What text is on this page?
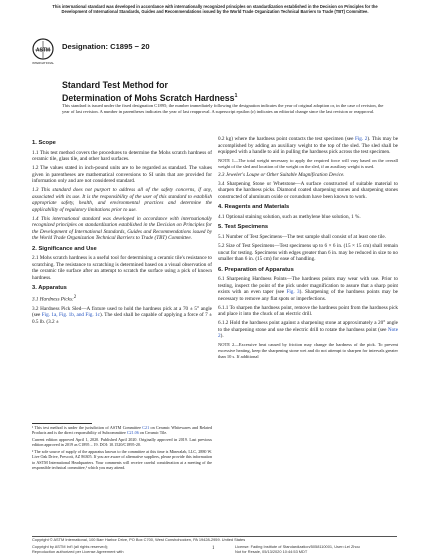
This international standard was developed in accordance with internationally recognized principles on standardization established in the Decision on Principles for the Development of International Standards, Guides and Recommendations issued by the World Trade Organization Technical Barriers to Trade (TBT) Committee.
ASTM
INTERNATIONAL
Designation: C1895 − 20
Standard Test Method for
Determination of Mohs Scratch Hardness$^1$
This standard is issued under the fixed designation C1895; the number immediately following the designation indicates the year of original adoption or, in the case of revision, the year of last revision. A number in parentheses indicates the year of last reapproval. A superscript epsilon (ε) indicates an editorial change since the last revision or reapproval.
1. Scope

1.1 This test method covers the procedures to determine the Mohs scratch hardness of ceramic tile, glass tile, and other hard surfaces.

1.2 The values stated in inch-pound units are to be regarded as standard. The values given in parentheses are mathematical conversions to SI units that are provided for information only and are not considered standard.

1.3 This standard does not purport to address all of the safety concerns, if any, associated with its use. It is the responsibility of the user of this standard to establish appropriate safety, health, and environmental practices and determine the applicability of regulatory limitations prior to use.

1.4 This international standard was developed in accordance with internationally recognized principles on standardization established in the Decision on Principles for the Development of International Standards, Guides and Recommendations issued by the World Trade Organization Technical Barriers to Trade (TBT) Committee.

2. Significance and Use

2.1 Mohs scratch hardness is a useful tool for determining a ceramic tile's resistance to scratching. The resistance to scratching is determined based on a visual observation of the ceramic tile surface after an attempt to scratch the surface using a pick of known hardness.

3. Apparatus

3.1 Hardness Picks:2

3.2 Hardness Pick Sled—A fixture used to hold the hardness pick at a 70 ± 5° angle (see Fig. 1a, Fig. 1b, and Fig. 1c). The sled shall be capable of applying a force of 7 ± 0.5 lb. (3.2 ±

¹ This test method is under the jurisdiction of ASTM Committee C21 on Ceramic Whitewares and Related Products and is the direct responsibility of Subcommittee C21.06 on Ceramic Tile.

Current edition approved April 1, 2020. Published April 2020. Originally approved in 2019. Last previous edition approved in 2019 as C1895 – 19. DOI: 10.1520/C1895-20.

² The sole source of supply of the apparatus known to the committee at this time is Mineralab, LLC, 2880 W. Live Oak Drive, Prescott, AZ 86305. If you are aware of alternative suppliers, please provide this information to ASTM International Headquarters. Your comments will receive careful consideration at a meeting of the responsible technical committee,¹ which you may attend.

0.2 kg) where the hardness point contacts the test specimen (see Fig. 2). This may be accomplished by adding an auxiliary weight to the top of the sled. The sled shall be equipped with a handle to aid in pulling the hardness pick across the test specimen.

NOTE 1—The total weight necessary to apply the required force will vary based on the overall weight of the sled and location of the weight on the sled, if an auxiliary weight is used.

3.3 Jeweler's Loupe or Other Suitable Magnification Device.

3.4 Sharpening Stone or Whetstone—A surface constructed of suitable material to sharpen the hardness picks. Diamond coated sharpening stones and sharpening stones constructed of aluminum oxide or corundum have been known to work.

4. Reagents and Materials

4.1 Optional staining solution, such as methylene blue solution, 1 %.

5. Test Specimens

5.1 Number of Test Specimens—The test sample shall consist of at least one tile.

5.2 Size of Test Specimens—Test specimens up to 6 × 6 in. (15 × 15 cm) shall remain uncut for testing. Specimens with edges greater than 6 in. may be reduced in size to no smaller than 6 in. (15 cm) for ease of handling.

6. Preparation of Apparatus

6.1 Sharpening Hardness Points—The hardness points may wear with use. Prior to testing, inspect the point of the pick under magnification to assure that a sharp point exists with an even taper (see Fig. 3). Sharpening of the hardness points may be necessary to remove any flat spots or imperfections.

6.1.1 To sharpen the hardness point, remove the hardness point from the hardness pick and place it into the chuck of an electric drill.

6.1.2 Hold the hardness point against a sharpening stone at approximately a 20° angle to the sharpening stone and use the electric drill to rotate the hardness point (see Note 2).

NOTE 2—Excessive heat caused by friction may change the hardness of the pick. To prevent excessive heating, keep the sharpening stone wet and do not attempt to sharpen for intervals greater than 10 s. If additional

Copyright © ASTM International, 100 Barr Harbor Drive, PO Box C700, West Conshohocken, PA 19428-2959. United States
1
Copyright by ASTM Int'l (all rights reserved);
Reproduction authorized per License Agreement with
License: Fading Institute of Standardization/5058110001, User=Lei Zhou
Not for Resale, 05/13/2020 10:44:53 MDT
